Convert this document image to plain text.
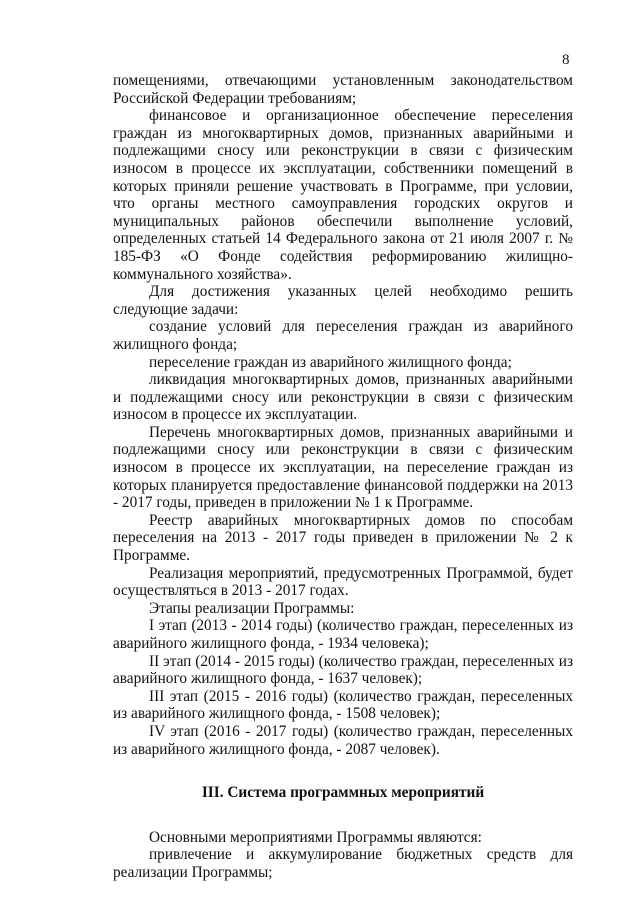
8

помещениями, отвечающими установленным законодательством Российской Федерации требованиям;

финансовое и организационное обеспечение переселения граждан из многоквартирных домов, признанных аварийными и подлежащими сносу или реконструкции в связи с физическим износом в процессе их эксплуатации, собственники помещений в которых приняли решение участвовать в Программе, при условии, что органы местного самоуправления городских округов и муниципальных районов обеспечили выполнение условий, определенных статьей 14 Федерального закона от 21 июля 2007 г. № 185-ФЗ «О Фонде содействия реформированию жилищно-коммунального хозяйства».

Для достижения указанных целей необходимо решить следующие задачи:

создание условий для переселения граждан из аварийного жилищного фонда;

переселение граждан из аварийного жилищного фонда;

ликвидация многоквартирных домов, признанных аварийными и подлежащими сносу или реконструкции в связи с физическим износом в процессе их эксплуатации.

Перечень многоквартирных домов, признанных аварийными и подлежащими сносу или реконструкции в связи с физическим износом в процессе их эксплуатации, на переселение граждан из которых планируется предоставление финансовой поддержки на 2013 - 2017 годы, приведен в приложении № 1 к Программе.

Реестр аварийных многоквартирных домов по способам переселения на 2013 - 2017 годы приведен в приложении № 2 к Программе.

Реализация мероприятий, предусмотренных Программой, будет осуществляться в 2013 - 2017 годах.

Этапы реализации Программы:

I этап (2013 - 2014 годы) (количество граждан, переселенных из аварийного жилищного фонда, - 1934 человека);

II этап (2014 - 2015 годы) (количество граждан, переселенных из аварийного жилищного фонда, - 1637 человек);

III этап (2015 - 2016 годы) (количество граждан, переселенных из аварийного жилищного фонда, - 1508 человек);

IV этап (2016 - 2017 годы) (количество граждан, переселенных из аварийного жилищного фонда, - 2087 человек).

III. Система программных мероприятий

Основными мероприятиями Программы являются:

привлечение и аккумулирование бюджетных средств для реализации Программы;
